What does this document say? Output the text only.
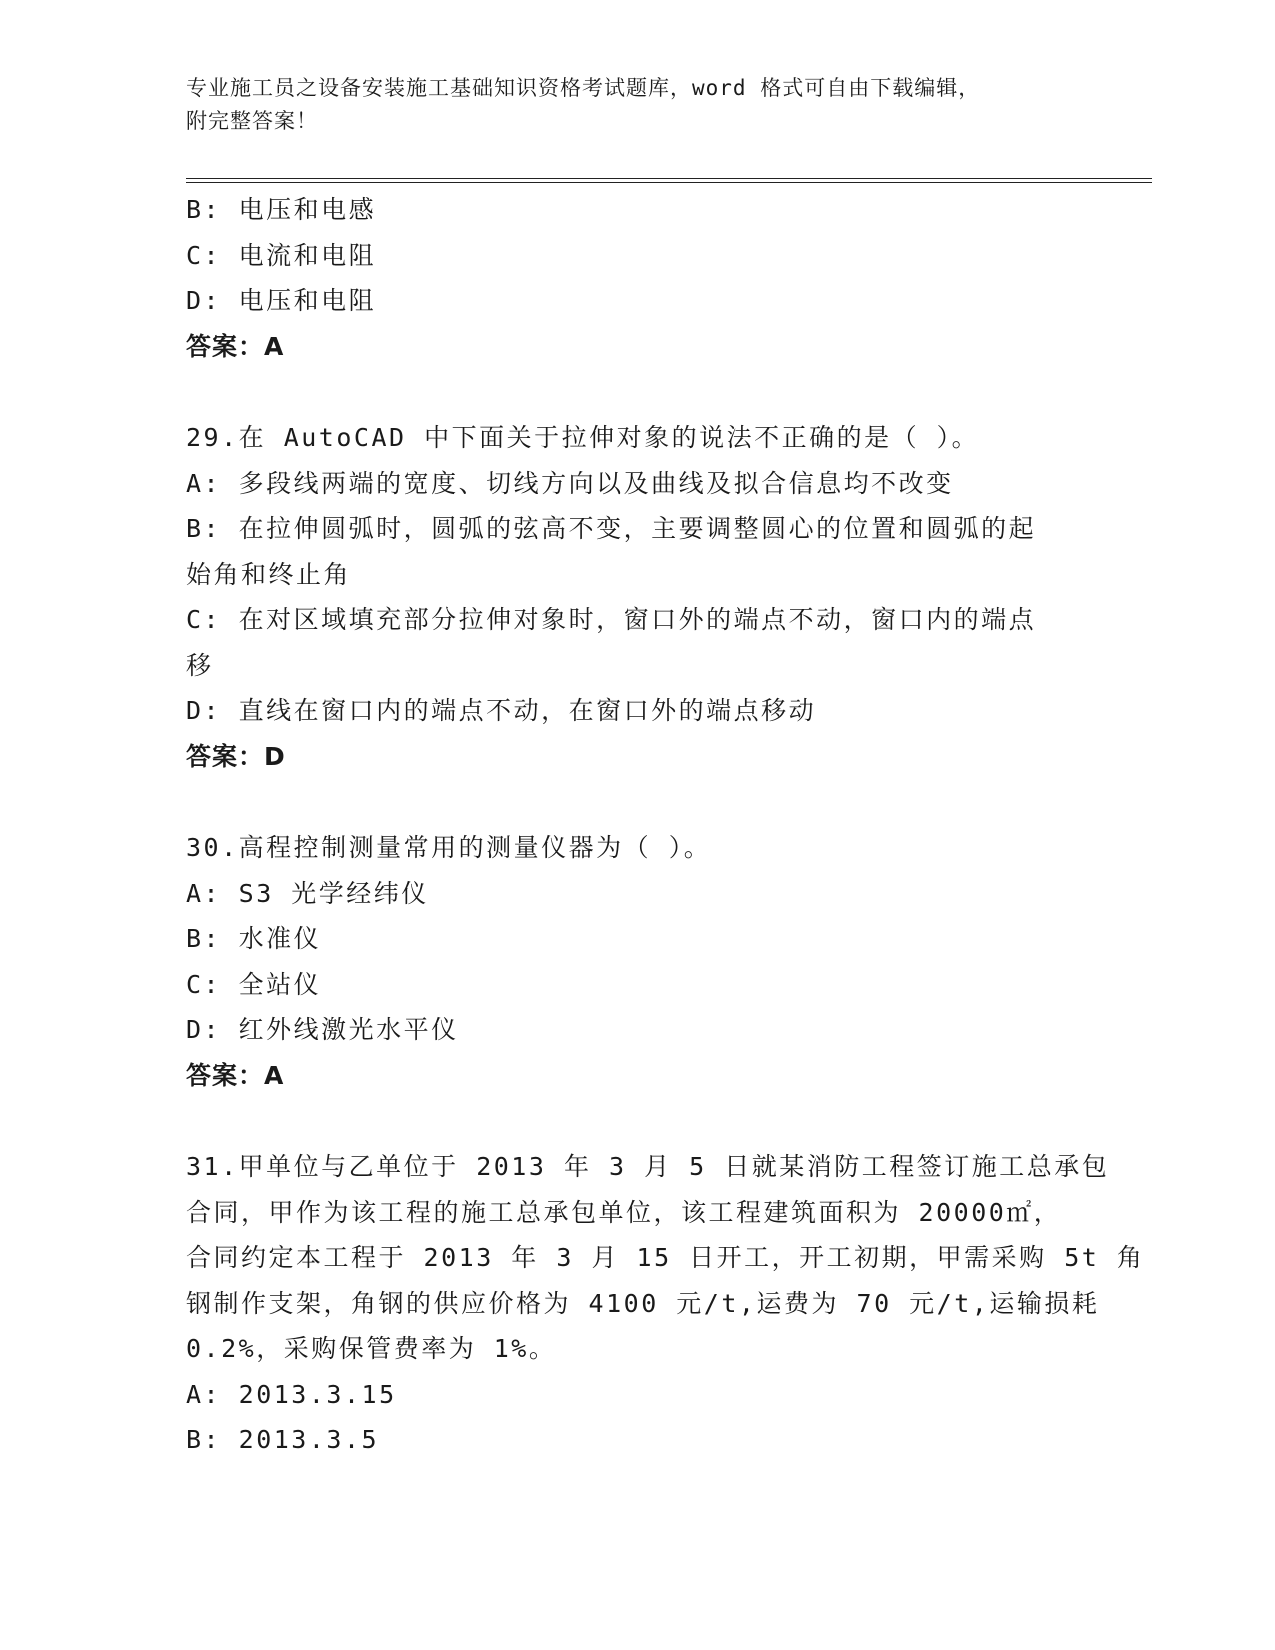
专业施工员之设备安装施工基础知识资格考试题库，word 格式可自由下载编辑，
附完整答案！
B: 电压和电感
C: 电流和电阻
D: 电压和电阻
答案：A
29.在 AutoCAD 中下面关于拉伸对象的说法不正确的是（ ）。
A: 多段线两端的宽度、切线方向以及曲线及拟合信息均不改变
B: 在拉伸圆弧时，圆弧的弦高不变，主要调整圆心的位置和圆弧的起
始角和终止角
C: 在对区域填充部分拉伸对象时，窗口外的端点不动，窗口内的端点
移
D: 直线在窗口内的端点不动，在窗口外的端点移动
答案：D
30.高程控制测量常用的测量仪器为（ ）。
A: S3 光学经纬仪
B: 水准仪
C: 全站仪
D: 红外线激光水平仪
答案：A
31.甲单位与乙单位于 2013 年 3 月 5 日就某消防工程签订施工总承包
合同，甲作为该工程的施工总承包单位，该工程建筑面积为 20000㎡，
合同约定本工程于 2013 年 3 月 15 日开工，开工初期，甲需采购 5t 角
钢制作支架，角钢的供应价格为 4100 元/t,运费为 70 元/t,运输损耗
0.2%，采购保管费率为 1%。
A: 2013.3.15
B: 2013.3.5
